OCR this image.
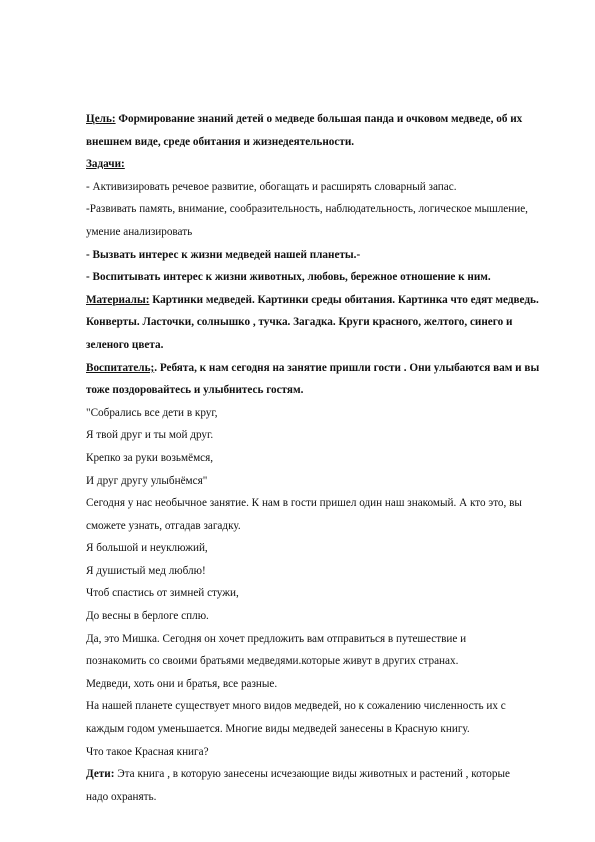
Цель: Формирование знаний детей о медведе большая панда и очковом медведе, об их
внешнем виде, среде обитания и жизнедеятельности.
Задачи:
- Активизировать речевое развитие, обогащать и расширять словарный запас.
-Развивать память, внимание, сообразительность, наблюдательность, логическое мышление,
умение анализировать
- Вызвать интерес к жизни медведей нашей планеты.-
- Воспитывать интерес к жизни животных, любовь, бережное отношение к ним.
Материалы: Картинки медведей. Картинки среды обитания. Картинка что едят медведь.
Конверты. Ласточки, солнышко , тучка. Загадка. Круги красного, желтого, синего и
зеленого цвета.
Воспитатель;. Ребята, к нам сегодня на занятие пришли гости . Они улыбаются вам и вы
тоже поздоровайтесь и улыбнитесь гостям.
"Собрались все дети в круг,
Я твой друг и ты мой друг.
Крепко за руки возьмёмся,
И друг другу улыбнёмся"
Сегодня у нас необычное занятие. К нам в гости пришел один наш знакомый. А кто это, вы
сможете узнать, отгадав загадку.
Я большой и неуклюжий,
Я душистый мед люблю!
Чтоб спастись от зимней стужи,
До весны в берлоге сплю.
Да, это Мишка. Сегодня он хочет предложить вам отправиться в путешествие и
познакомить со своими братьями медведями.которые живут в других странах.
Медведи, хоть они и братья, все разные.
На нашей планете существует много видов медведей, но к сожалению численность их с
каждым годом уменьшается. Многие виды медведей занесены в Красную книгу.
Что такое Красная книга?
Дети: Эта книга , в которую занесены исчезающие виды животных и растений , которые
надо охранять.
